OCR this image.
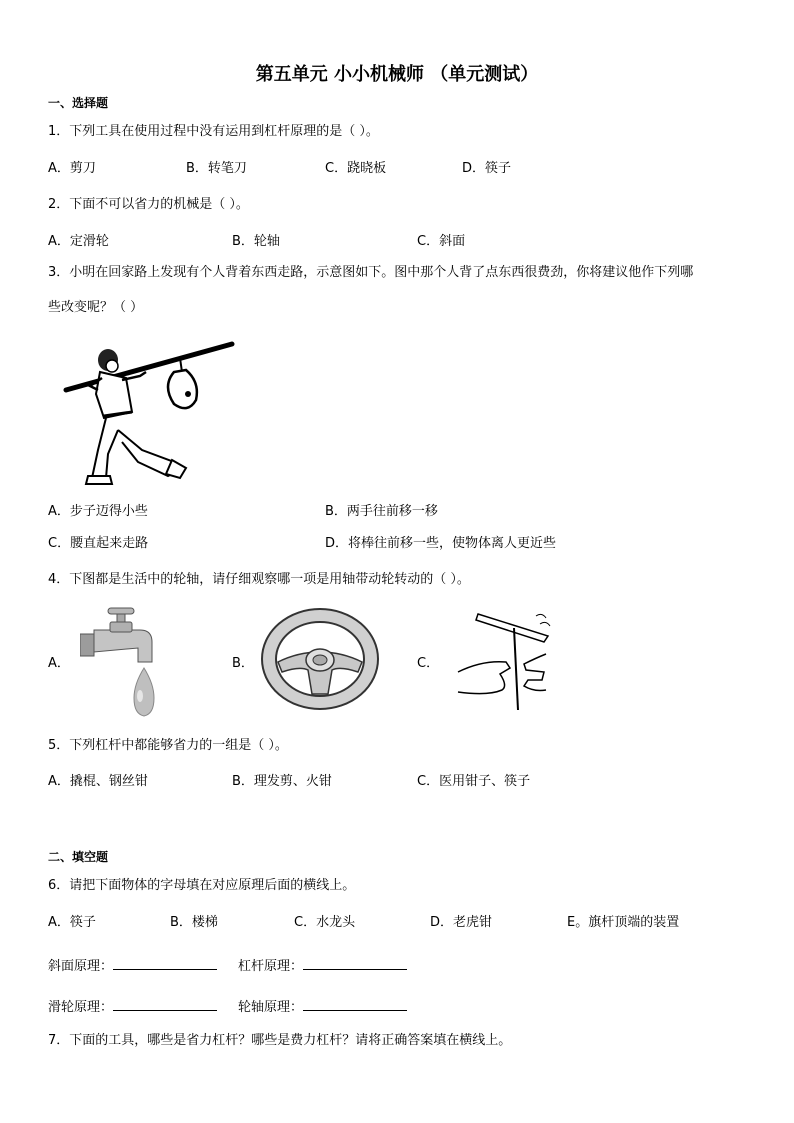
第五单元 小小机械师 （单元测试）
一、选择题
1．下列工具在使用过程中没有运用到杠杆原理的是（ ）。
A．剪刀	B．转笔刀	C．跷晓板	D．筷子
2．下面不可以省力的机械是（ ）。
A．定滑轮	B．轮轴	C．斜面
3．小明在回家路上发现有个人背着东西走路，示意图如下。图中那个人背了点东西很费劲，你将建议他作下列哪
些改变呢？（ ）
A．步子迈得小些	B．两手往前移一移
C．腰直起来走路	D．将棒往前移一些，使物体离人更近些
4．下图都是生活中的轮轴，请仔细观察哪一项是用轴带动轮转动的（ ）。
A．	B．	C．
5．下列杠杆中都能够省力的一组是（ ）。
A．撬棍、钢丝钳	B．理发剪、火钳	C．医用钳子、筷子
二、填空题
6．请把下面物体的字母填在对应原理后面的横线上。
A．筷子	B．楼梯	C．水龙头	D．老虎钳	E。旗杆顶端的装置
斜面原理：	杠杆原理：
滑轮原理：	轮轴原理：
7．下面的工具，哪些是省力杠杆？哪些是费力杠杆？请将正确答案填在横线上。
